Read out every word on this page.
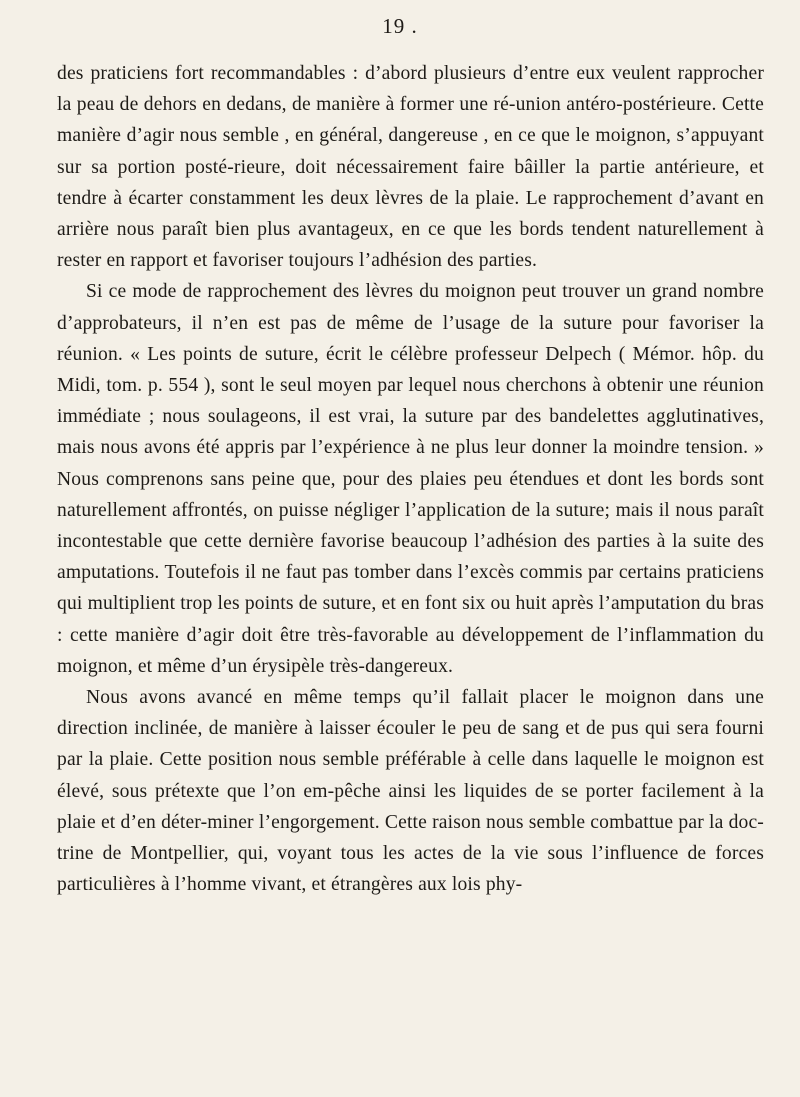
19 .

des praticiens fort recommandables : d’abord plusieurs d’entre eux veulent rapprocher la peau de dehors en dedans, de manière à former une ré-union antéro-postérieure. Cette manière d’agir nous semble , en général, dangereuse , en ce que le moignon, s’appuyant sur sa portion posté-rieure, doit nécessairement faire bâiller la partie antérieure, et tendre à écarter constamment les deux lèvres de la plaie. Le rapprochement d’avant en arrière nous paraît bien plus avantageux, en ce que les bords tendent naturellement à rester en rapport et favoriser toujours l’adhésion des parties.

Si ce mode de rapprochement des lèvres du moignon peut trouver un grand nombre d’approbateurs, il n’en est pas de même de l’usage de la suture pour favoriser la réunion. « Les points de suture, écrit le célèbre professeur Delpech ( Mémor. hôp. du Midi, tom. p. 554 ), sont le seul moyen par lequel nous cherchons à obtenir une réunion immédiate ; nous soulageons, il est vrai, la suture par des bandelettes agglutinatives, mais nous avons été appris par l’expérience à ne plus leur donner la moindre tension. » Nous comprenons sans peine que, pour des plaies peu étendues et dont les bords sont naturellement affrontés, on puisse négliger l’application de la suture; mais il nous paraît incontestable que cette dernière favorise beaucoup l’adhésion des parties à la suite des amputations. Toutefois il ne faut pas tomber dans l’excès commis par certains praticiens qui multiplient trop les points de suture, et en font six ou huit après l’amputation du bras : cette manière d’agir doit être très-favorable au développement de l’inflammation du moignon, et même d’un érysipèle très-dangereux.

Nous avons avancé en même temps qu’il fallait placer le moignon dans une direction inclinée, de manière à laisser écouler le peu de sang et de pus qui sera fourni par la plaie. Cette position nous semble préférable à celle dans laquelle le moignon est élevé, sous prétexte que l’on em-pêche ainsi les liquides de se porter facilement à la plaie et d’en déter-miner l’engorgement. Cette raison nous semble combattue par la doc-trine de Montpellier, qui, voyant tous les actes de la vie sous l’influence de forces particulières à l’homme vivant, et étrangères aux lois phy-
